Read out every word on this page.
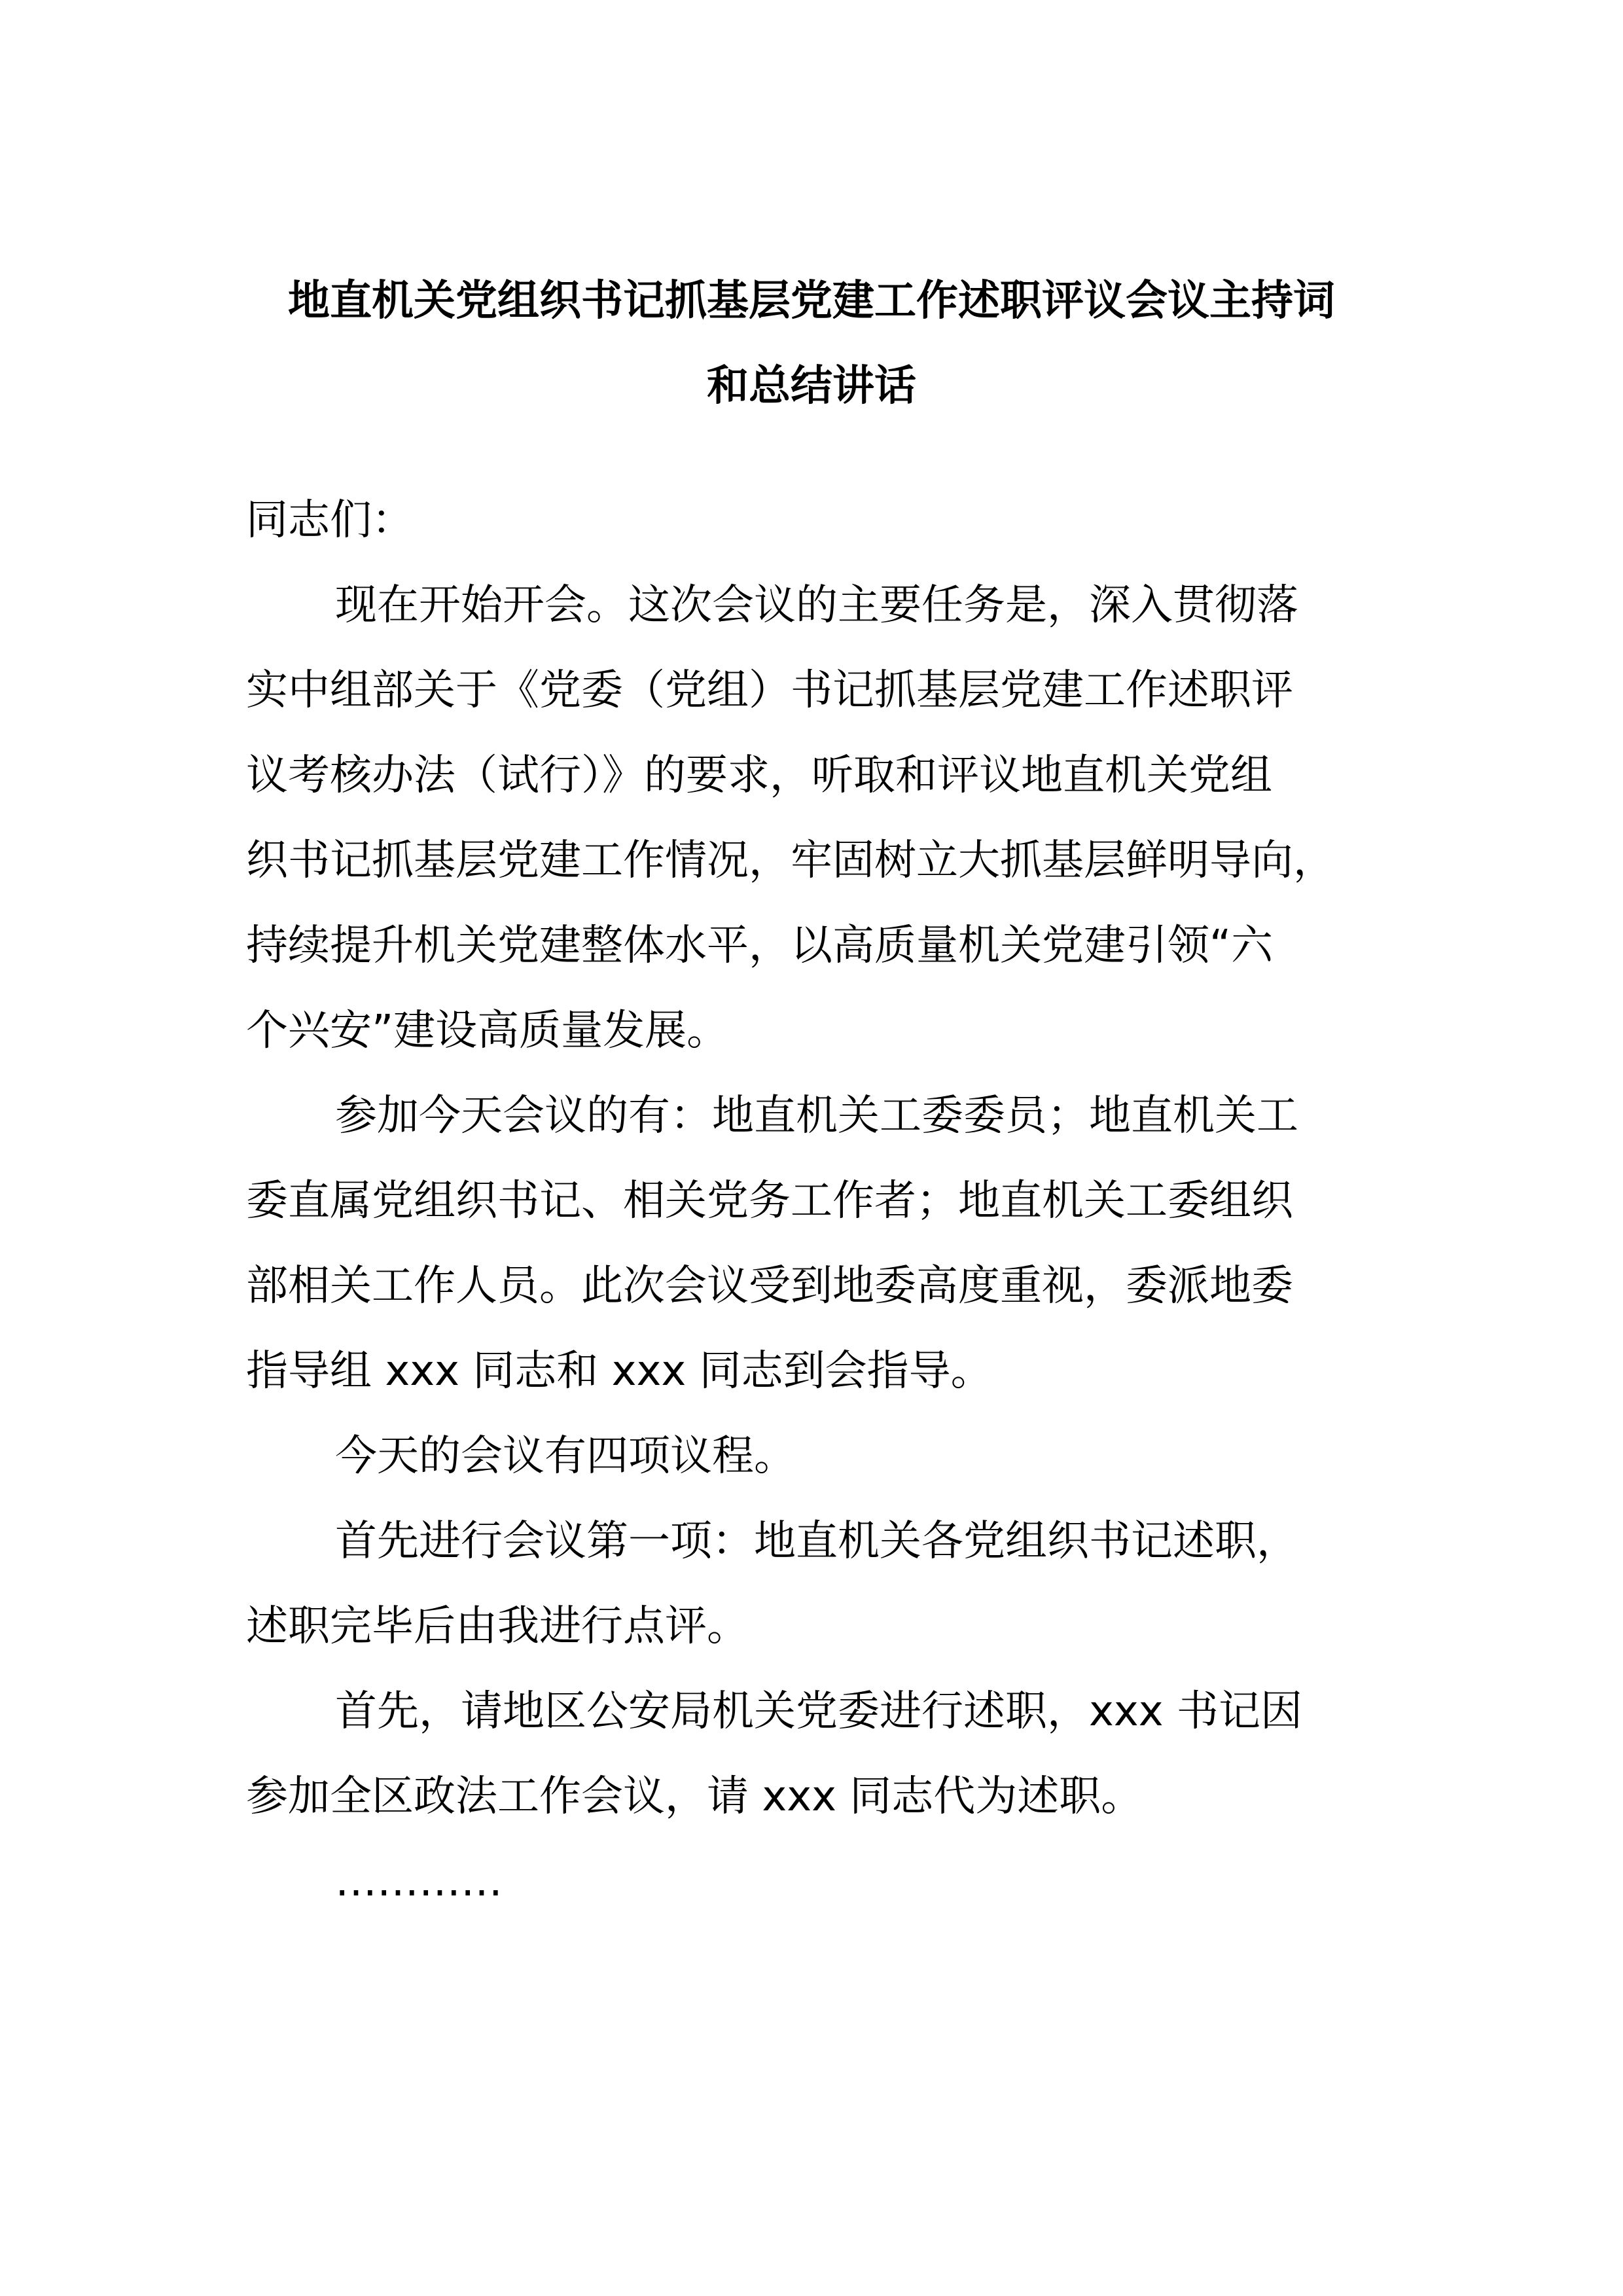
地直机关党组织书记抓基层党建工作述职评议会议主持词
和总结讲话

同志们：

现在开始开会。这次会议的主要任务是，深入贯彻落
实中组部关于《党委（党组）书记抓基层党建工作述职评
议考核办法（试行）》的要求，听取和评议地直机关党组
织书记抓基层党建工作情况，牢固树立大抓基层鲜明导向，
持续提升机关党建整体水平，以高质量机关党建引领“六
个兴安”建设高质量发展。
参加今天会议的有：地直机关工委委员；地直机关工
委直属党组织书记、相关党务工作者；地直机关工委组织
部相关工作人员。此次会议受到地委高度重视，委派地委
指导组 xxx 同志和 xxx 同志到会指导。
今天的会议有四项议程。
首先进行会议第一项：地直机关各党组织书记述职，
述职完毕后由我进行点评。
首先，请地区公安局机关党委进行述职，xxx 书记因
参加全区政法工作会议，请 xxx 同志代为述职。
…………
